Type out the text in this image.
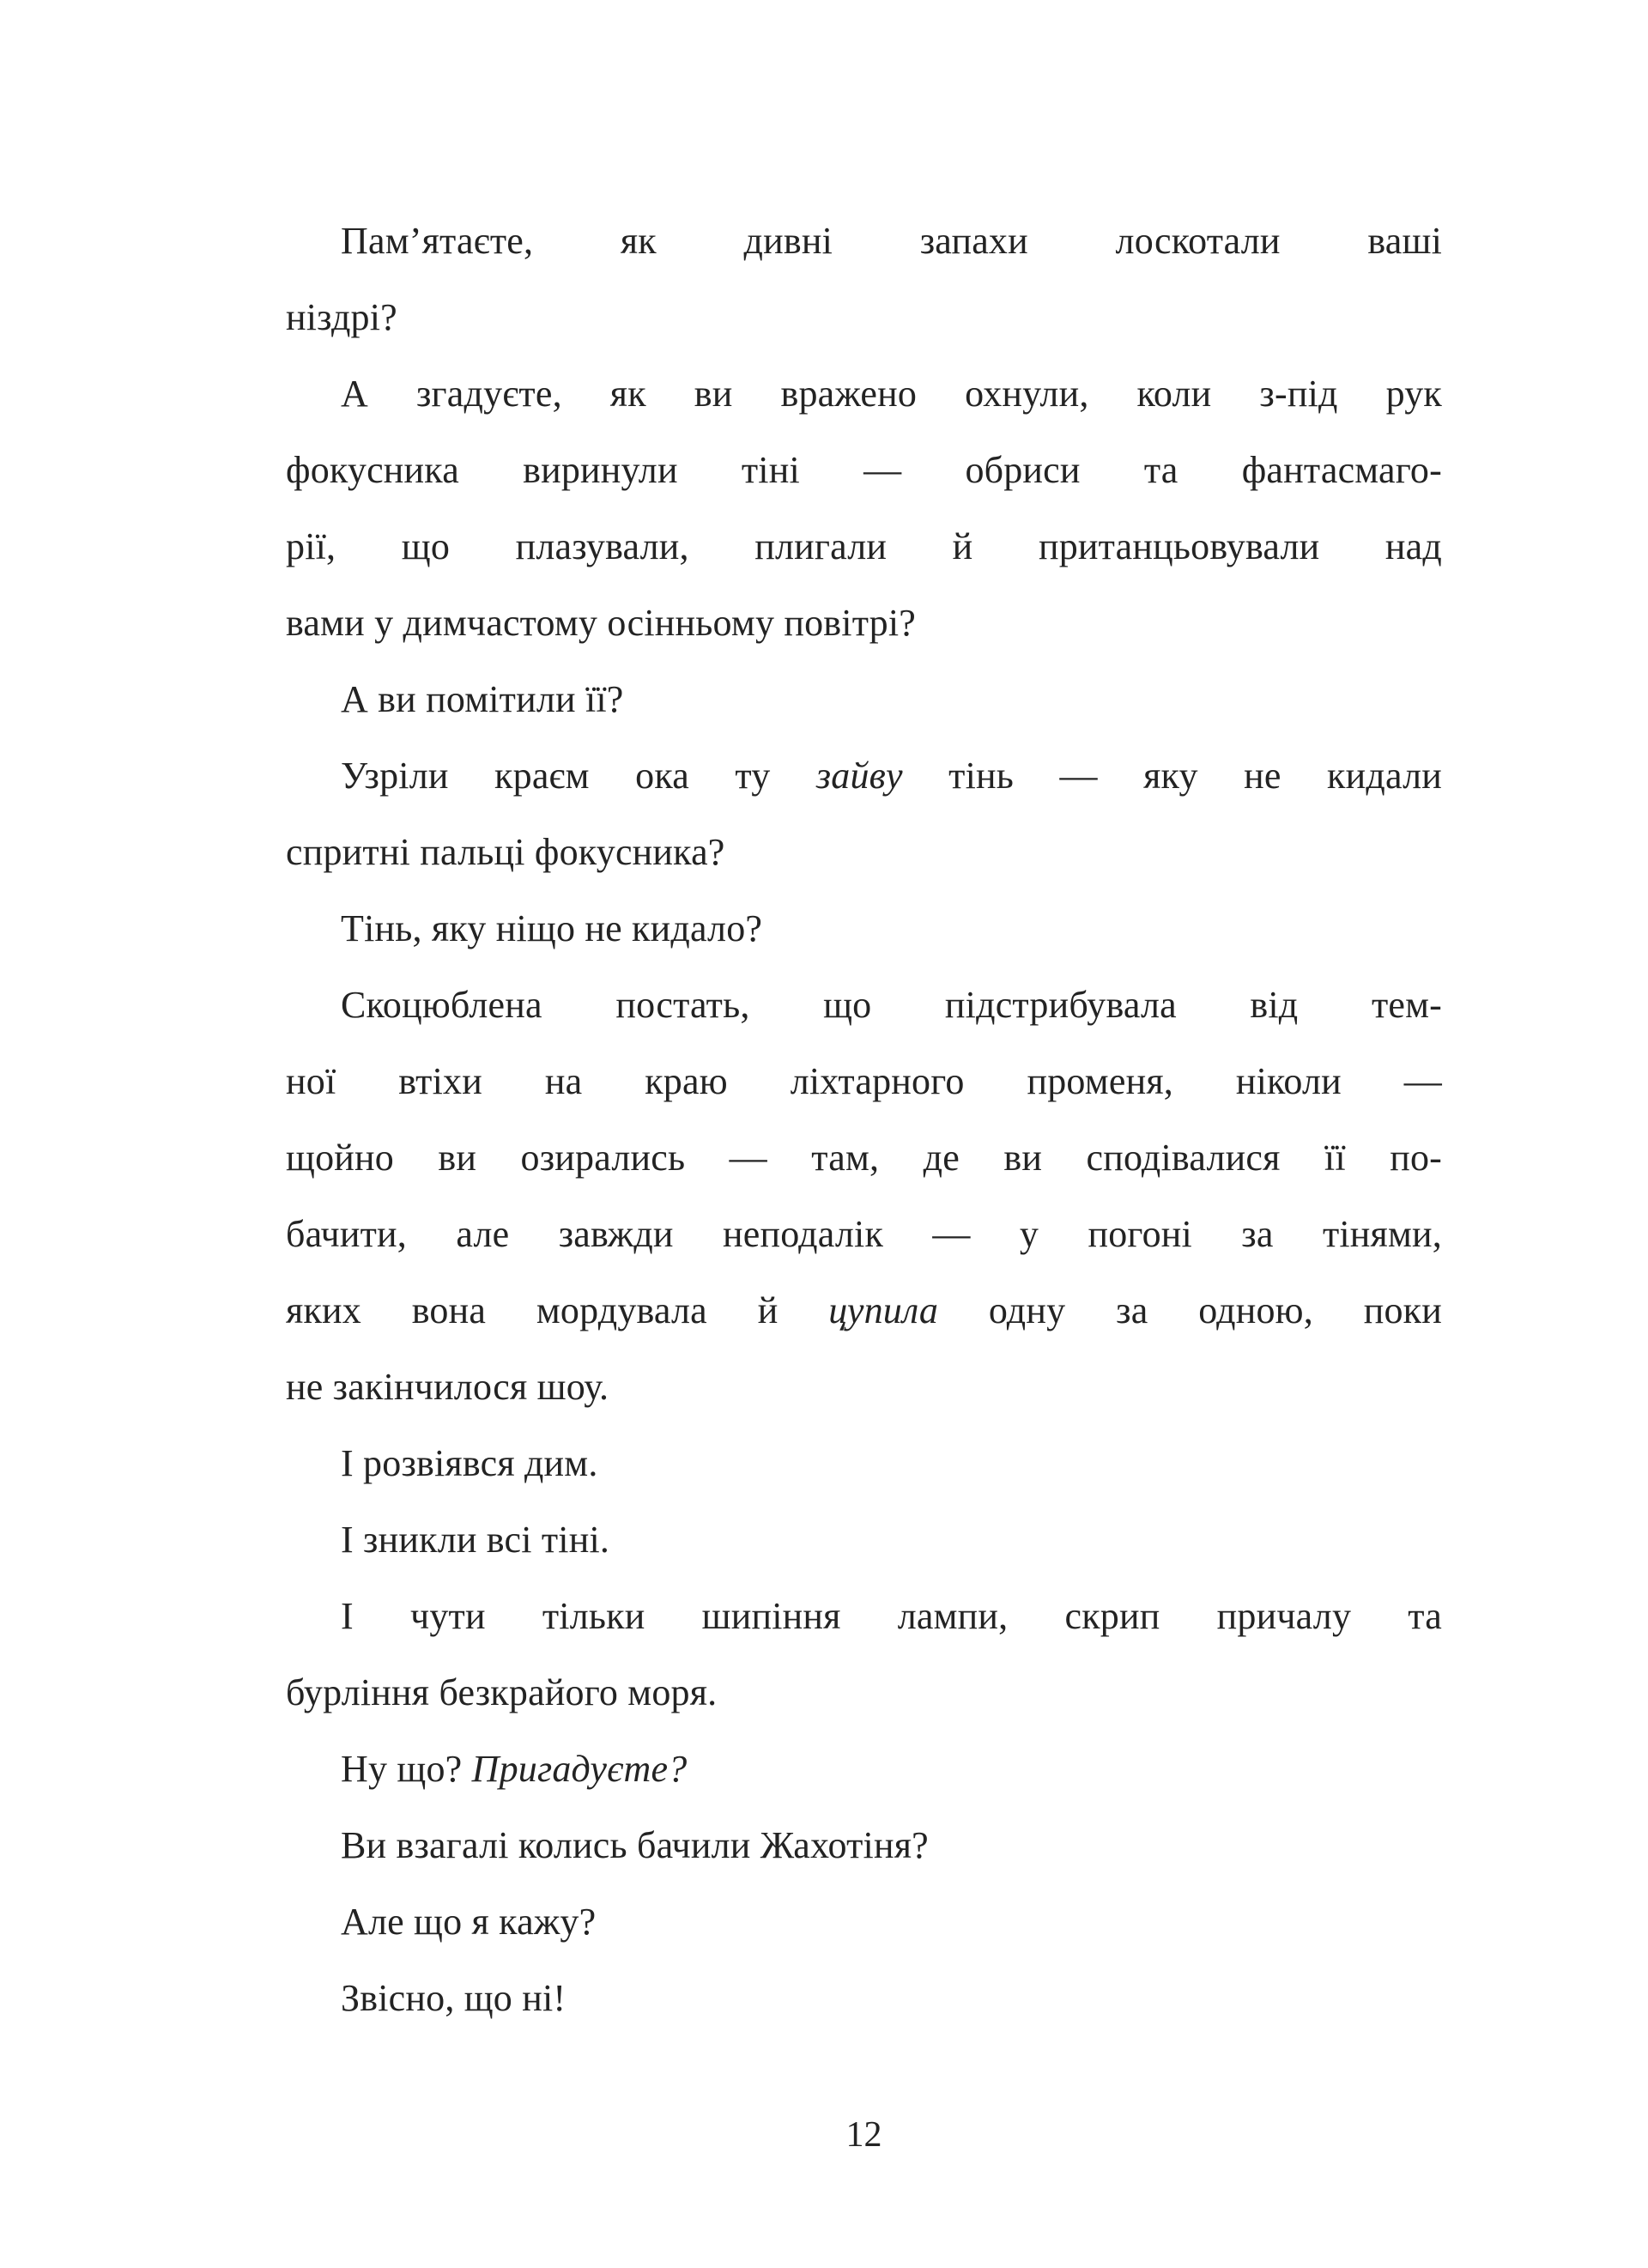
Пам’ятаєте, як дивні запахи лоскотали ваші
ніздрі?
А згадуєте, як ви вражено охнули, коли з-під рук
фокусника виринули тіні — обриси та фантасмаго-
рії, що плазували, плигали й пританцьовували над
вами у димчастому осінньому повітрі?
А ви помітили її?
Узріли краєм ока ту зайву тінь — яку не кидали
спритні пальці фокусника?
Тінь, яку ніщо не кидало?
Скоцюблена постать, що підстрибувала від тем-
ної втіхи на краю ліхтарного променя, ніколи —
щойно ви озирались — там, де ви сподівалися її по-
бачити, але завжди неподалік — у погоні за тінями,
яких вона мордувала й цупила одну за одною, поки
не закінчилося шоу.
І розвіявся дим.
І зникли всі тіні.
І чути тільки шипіння лампи, скрип причалу та
бурління безкрайого моря.
Ну що? Пригадуєте?
Ви взагалі колись бачили Жахотіня?
Але що я кажу?
Звісно, що ні!
12
